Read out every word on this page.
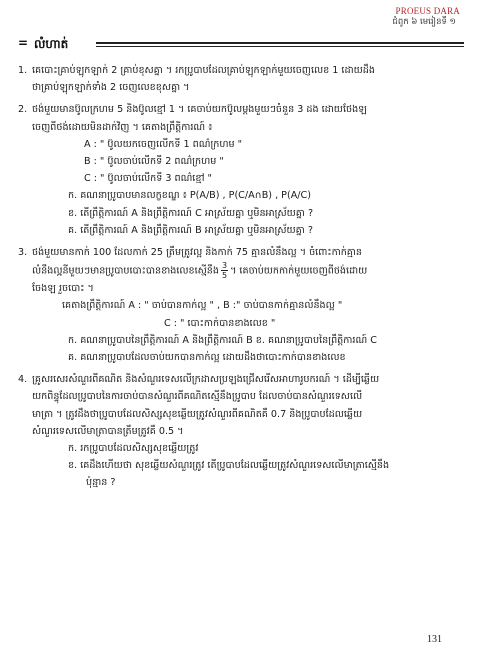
PROEUS DARA
ជំពូក ៦ មេរៀនទី ១
= លំហាត់
1. គេបោះគ្រាប់ឡុកឡាក់ 2 គ្រាប់ខុសគ្នា ។ រកប្រូបាបដែលគ្រាប់ឡុកឡាក់មួយចេញលេខ 1 ដោយដឹង
ថាគ្រាប់ឡុកឡាក់ទាំង 2 ចេញលេខខុសគ្នា ។
2. ថង់មួយមានប៊ូលក្រហម 5 និងប៊ូលខ្មៅ 1 ។ គេចាប់យកប៊ូលម្ដងមួយៗចំនួន 3 ដង ដោយថែងឡ
ចេញពីថង់ដោយមិនដាក់វិញ ។ គេតាងព្រឹត្តិការណ៍ ៖
A : " ប៊ូលយកចេញលើកទី 1 ពណ៌ក្រហម "
B : " ប៊ូលចាប់លើកទី 2 ពណ៌ក្រហម "
C : " ប៊ូលចាប់លើកទី 3 ពណ៌ខ្មៅ "
ក. គណនាប្រូបាបមានលក្ខខណ្ឌ ៖ P(A/B) , P(C/A∩B) , P(A/C)
ខ. តើព្រឹត្តិការណ៍ A និងព្រឹត្តិការណ៍ C អាស្រ័យគ្នា ឬមិនអាស្រ័យគ្នា ?
គ. តើព្រឹត្តិការណ៍ A និងព្រឹត្តិការណ៍ B អាស្រ័យគ្នា ឬមិនអាស្រ័យគ្នា ?
3. ថង់មួយមានកាក់ 100 ដែលកាក់ 25 ត្រឹមត្រូវល្អ និងកាក់ 75 គ្មានលំនឹងល្អ ។ ចំពោះកាក់គ្មាន
លំនឹងល្អនីមួយៗមានប្រូបាបបោះបានខាងលេខស្មើនឹង $\frac{3}{5}$ ។ គេចាប់យកកាក់មួយចេញពីថង់ដោយ
ចែងឡ រួចបោះ ។
គេតាងព្រឹត្តិការណ៍ A : " ចាប់បានកាក់ល្អ " , B :" ចាប់បានកាក់គ្មានលំនឹងល្អ "
C : " បោះកាក់បានខាងលេខ "
ក. គណនាប្រូបាបនៃព្រឹត្តិការណ៍ A និងព្រឹត្តិការណ៍ B ខ. គណនាប្រូបាបនៃព្រឹត្តិការណ៍ C
គ. គណនាប្រូបាបដែលចាប់យកបានកាក់ល្អ ដោយដឹងថាបោះកាក់បានខាងលេខ
4. គ្រូសរសេរសំណួរពីគណិត និងសំណួរទេសលើក្រដាសប្រឡងជ្រើសរើសអាហារូបករណ៍ ។ ដើម្បីឆ្លើយ
យកពិន្ទុដែលប្រូបាបនៃការចាប់បានសំណួរពីគណិតស្មើនឹងប្រូបាប ដែលចាប់បានសំណួរទេសលើ
មាត្រា ។ ត្រូវដឹងថាប្រូបាបដែលសិស្សសុខឆ្លើយត្រូវសំណួរពីគណិតគឺ 0.7 និងប្រូបាបដែលឆ្លើយ
សំណួរទេសលើមាត្រាបានត្រឹមត្រូវគឺ 0.5 ។
ក. រកប្រូបាបដែលសិស្សសុខឆ្លើយត្រូវ
ខ. គេដឹងហើយថា សុខឆ្លើយសំណួរត្រូវ តើប្រូបាបដែលឆ្លើយត្រូវសំណួរទេសលើមាត្រាស្មើនឹង
ប៉ុន្មាន ?
131
